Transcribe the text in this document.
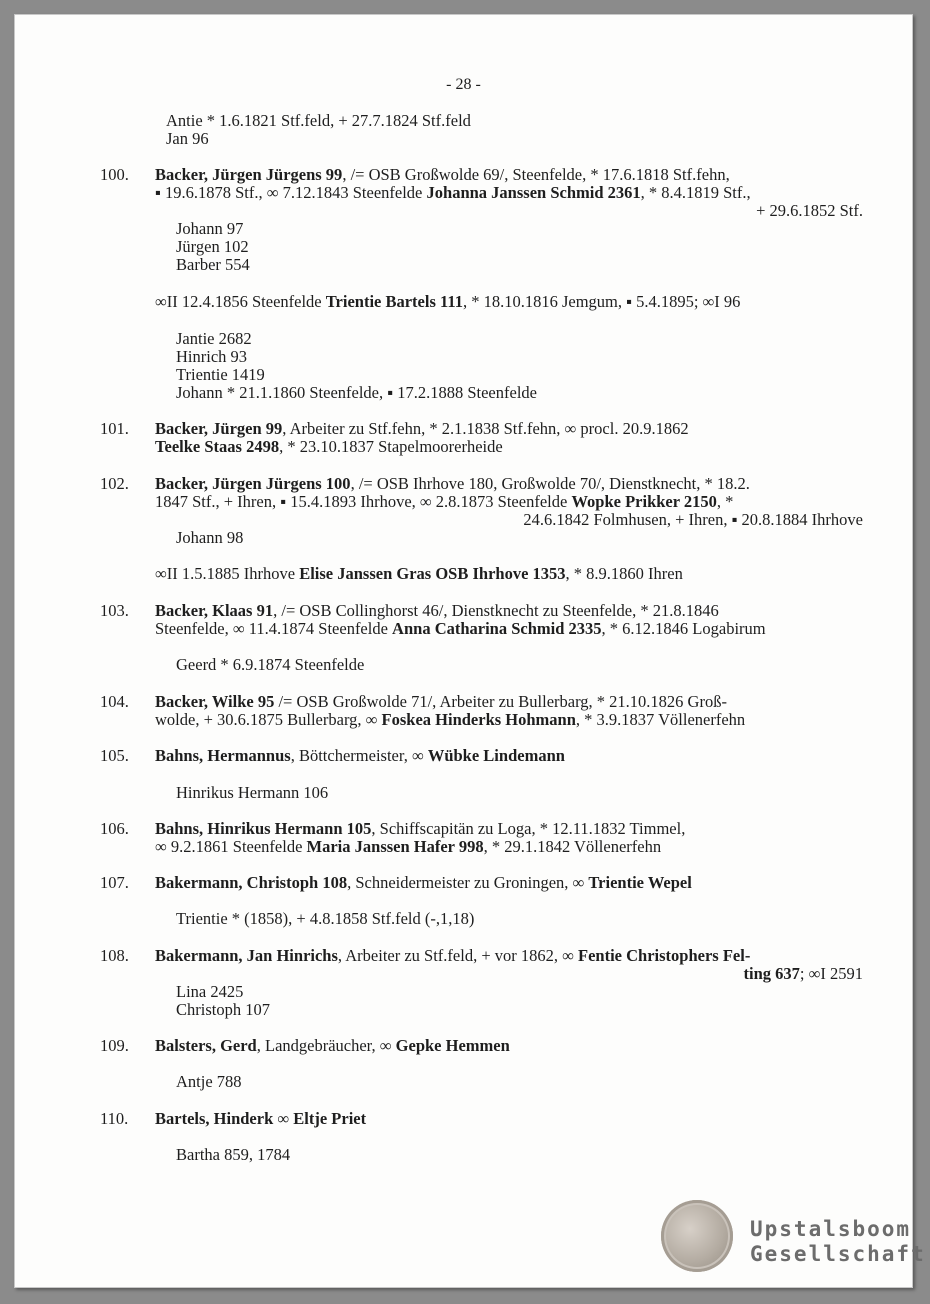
- 28 -
Antie * 1.6.1821 Stf.feld, + 27.7.1824 Stf.feld
Jan 96
100. Backer, Jürgen Jürgens 99, /= OSB Großwolde 69/, Steenfelde, * 17.6.1818 Stf.fehn,
▪ 19.6.1878 Stf., ∞ 7.12.1843 Steenfelde Johanna Janssen Schmid 2361, * 8.4.1819 Stf.,
+ 29.6.1852 Stf.
Johann 97
Jürgen 102
Barber 554
∞II 12.4.1856 Steenfelde Trientie Bartels 111, * 18.10.1816 Jemgum, ▪ 5.4.1895; ∞I 96
Jantie 2682
Hinrich 93
Trientie 1419
Johann * 21.1.1860 Steenfelde, ▪ 17.2.1888 Steenfelde
101. Backer, Jürgen 99, Arbeiter zu Stf.fehn, * 2.1.1838 Stf.fehn, ∞ procl. 20.9.1862
Teelke Staas 2498, * 23.10.1837 Stapelmoorerheide
102. Backer, Jürgen Jürgens 100, /= OSB Ihrhove 180, Großwolde 70/, Dienstknecht, * 18.2.
1847 Stf., + Ihren, ▪ 15.4.1893 Ihrhove, ∞ 2.8.1873 Steenfelde Wopke Prikker 2150, *
24.6.1842 Folmhusen, + Ihren, ▪ 20.8.1884 Ihrhove
Johann 98
∞II 1.5.1885 Ihrhove Elise Janssen Gras OSB Ihrhove 1353, * 8.9.1860 Ihren
103. Backer, Klaas 91, /= OSB Collinghorst 46/, Dienstknecht zu Steenfelde, * 21.8.1846
Steenfelde, ∞ 11.4.1874 Steenfelde Anna Catharina Schmid 2335, * 6.12.1846 Logabirum
Geerd * 6.9.1874 Steenfelde
104. Backer, Wilke 95 /= OSB Großwolde 71/, Arbeiter zu Bullerbarg, * 21.10.1826 Groß-
wolde, + 30.6.1875 Bullerbarg, ∞ Foskea Hinderks Hohmann, * 3.9.1837 Völlenerfehn
105. Bahns, Hermannus, Böttchermeister, ∞ Wübke Lindemann
Hinrikus Hermann 106
106. Bahns, Hinrikus Hermann 105, Schiffscapitän zu Loga, * 12.11.1832 Timmel,
∞ 9.2.1861 Steenfelde Maria Janssen Hafer 998, * 29.1.1842 Völlenerfehn
107. Bakermann, Christoph 108, Schneidermeister zu Groningen, ∞ Trientie Wepel
Trientie * (1858), + 4.8.1858 Stf.feld (-,1,18)
108. Bakermann, Jan Hinrichs, Arbeiter zu Stf.feld, + vor 1862, ∞ Fentie Christophers Fel-
ting 637; ∞I 2591
Lina 2425
Christoph 107
109. Balsters, Gerd, Landgebräucher, ∞ Gepke Hemmen
Antje 788
110. Bartels, Hinderk ∞ Eltje Priet
Bartha 859, 1784
Upstalsboom
Gesellschaft
